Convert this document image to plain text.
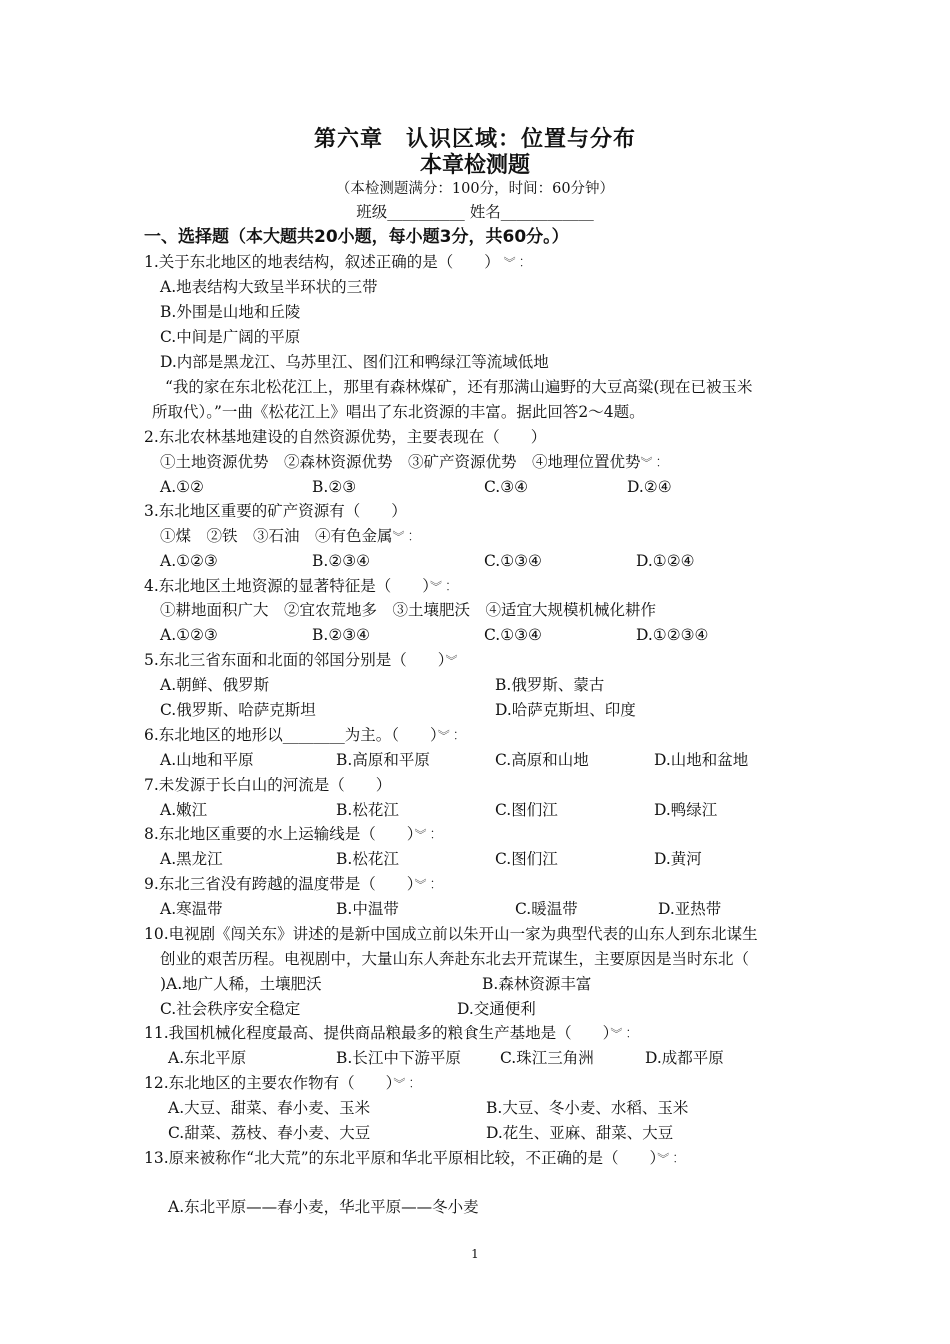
第六章　认识区域：位置与分布
本章检测题
（本检测题满分：100分，时间：60分钟）
班级__________ 姓名____________
一、选择题（本大题共20小题，每小题3分，共60分。）
1.关于东北地区的地表结构，叙述正确的是（　　） ︾︰
A.地表结构大致呈半环状的三带
B.外围是山地和丘陵
C.中间是广阔的平原
D.内部是黑龙江、乌苏里江、图们江和鸭绿江等流域低地
“我的家在东北松花江上，那里有森林煤矿，还有那满山遍野的大豆高粱(现在已被玉米
所取代）。”一曲《松花江上》唱出了东北资源的丰富。据此回答2～4题。
2.东北农林基地建设的自然资源优势，主要表现在（　　）
①土地资源优势　②森林资源优势　③矿产资源优势　④地理位置优势︾︰
A.①②	B.②③	C.③④	D.②④
3.东北地区重要的矿产资源有（　　）
①煤　②铁　③石油　④有色金属︾︰
A.①②③	B.②③④	C.①③④	D.①②④
4.东北地区土地资源的显著特征是（　　）︾︰
①耕地面积广大　②宜农荒地多　③土壤肥沃　④适宜大规模机械化耕作
A.①②③	B.②③④	C.①③④	D.①②③④
5.东北三省东面和北面的邻国分别是（　　）︾
A.朝鲜、俄罗斯	B.俄罗斯、蒙古
C.俄罗斯、哈萨克斯坦	D.哈萨克斯坦、印度
6.东北地区的地形以________为主。（　　）︾︰
A.山地和平原	B.高原和平原	C.高原和山地	D.山地和盆地
7.未发源于长白山的河流是（　　）
A.嫩江	B.松花江	C.图们江	D.鸭绿江
8.东北地区重要的水上运输线是（　　）︾︰
A.黑龙江	B.松花江	C.图们江	D.黄河
9.东北三省没有跨越的温度带是（　　）︾︰
A.寒温带	B.中温带	C.暖温带	D.亚热带
10.电视剧《闯关东》讲述的是新中国成立前以朱开山一家为典型代表的山东人到东北谋生
创业的艰苦历程。电视剧中，大量山东人奔赴东北去开荒谋生，主要原因是当时东北（
)A.地广人稀，土壤肥沃	B.森林资源丰富
C.社会秩序安全稳定	D.交通便利
11.我国机械化程度最高、提供商品粮最多的粮食生产基地是（　　）︾︰
A.东北平原	B.长江中下游平原	C.珠江三角洲	D.成都平原
12.东北地区的主要农作物有（　　）︾︰
A.大豆、甜菜、春小麦、玉米	B.大豆、冬小麦、水稻、玉米
C.甜菜、荔枝、春小麦、大豆	D.花生、亚麻、甜菜、大豆
13.原来被称作“北大荒”的东北平原和华北平原相比较，不正确的是（　　）︾︰
A.东北平原——春小麦，华北平原——冬小麦
1
